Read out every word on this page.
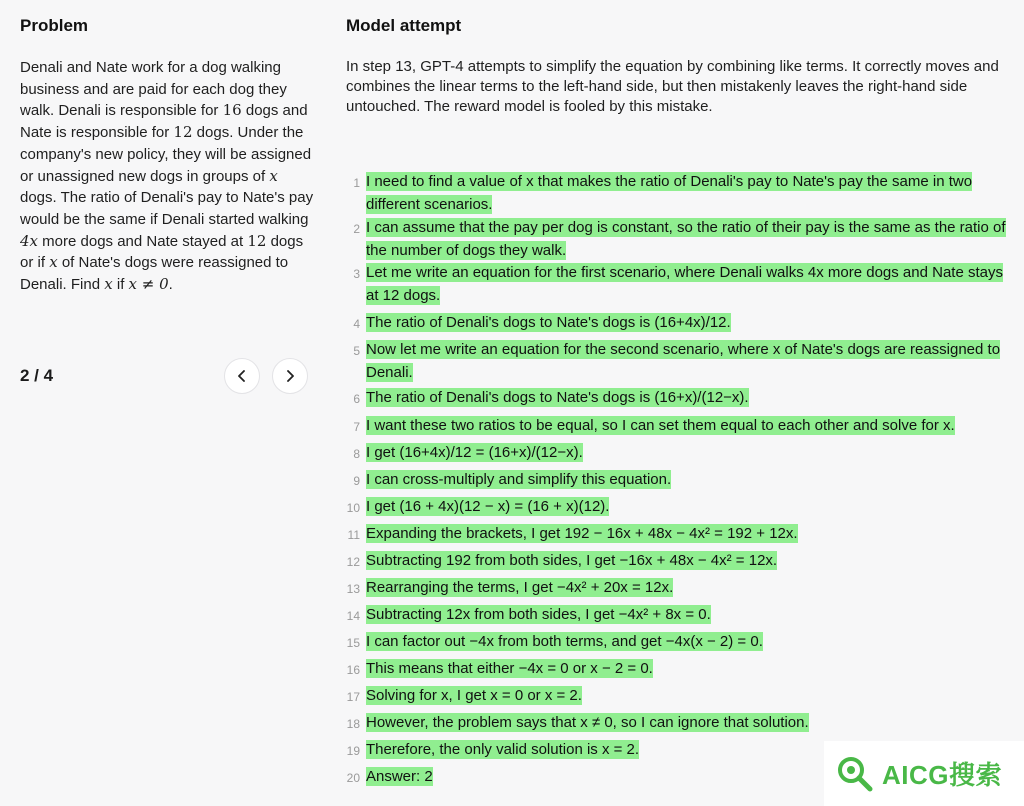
Problem
Denali and Nate work for a dog walking business and are paid for each dog they walk. Denali is responsible for 16 dogs and Nate is responsible for 12 dogs. Under the company's new policy, they will be assigned or unassigned new dogs in groups of x dogs. The ratio of Denali's pay to Nate's pay would be the same if Denali started walking 4x more dogs and Nate stayed at 12 dogs or if x of Nate's dogs were reassigned to Denali. Find x if x ≠ 0.
2 / 4
Model attempt
In step 13, GPT-4 attempts to simplify the equation by combining like terms. It correctly moves and combines the linear terms to the left-hand side, but then mistakenly leaves the right-hand side untouched. The reward model is fooled by this mistake.
1 I need to find a value of x that makes the ratio of Denali's pay to Nate's pay the same in two different scenarios.
2 I can assume that the pay per dog is constant, so the ratio of their pay is the same as the ratio of the number of dogs they walk.
3 Let me write an equation for the first scenario, where Denali walks 4x more dogs and Nate stays at 12 dogs.
4 The ratio of Denali's dogs to Nate's dogs is (16+4x)/12.
5 Now let me write an equation for the second scenario, where x of Nate's dogs are reassigned to Denali.
6 The ratio of Denali's dogs to Nate's dogs is (16+x)/(12−x).
7 I want these two ratios to be equal, so I can set them equal to each other and solve for x.
8 I get (16+4x)/12 = (16+x)/(12−x).
9 I can cross-multiply and simplify this equation.
10 I get (16 + 4x)(12 − x) = (16 + x)(12).
11 Expanding the brackets, I get 192 − 16x + 48x − 4x² = 192 + 12x.
12 Subtracting 192 from both sides, I get −16x + 48x − 4x² = 12x.
13 Rearranging the terms, I get −4x² + 20x = 12x.
14 Subtracting 12x from both sides, I get −4x² + 8x = 0.
15 I can factor out −4x from both terms, and get −4x(x − 2) = 0.
16 This means that either −4x = 0 or x − 2 = 0.
17 Solving for x, I get x = 0 or x = 2.
18 However, the problem says that x ≠ 0, so I can ignore that solution.
19 Therefore, the only valid solution is x = 2.
20 Answer: 2	AICG搜索
